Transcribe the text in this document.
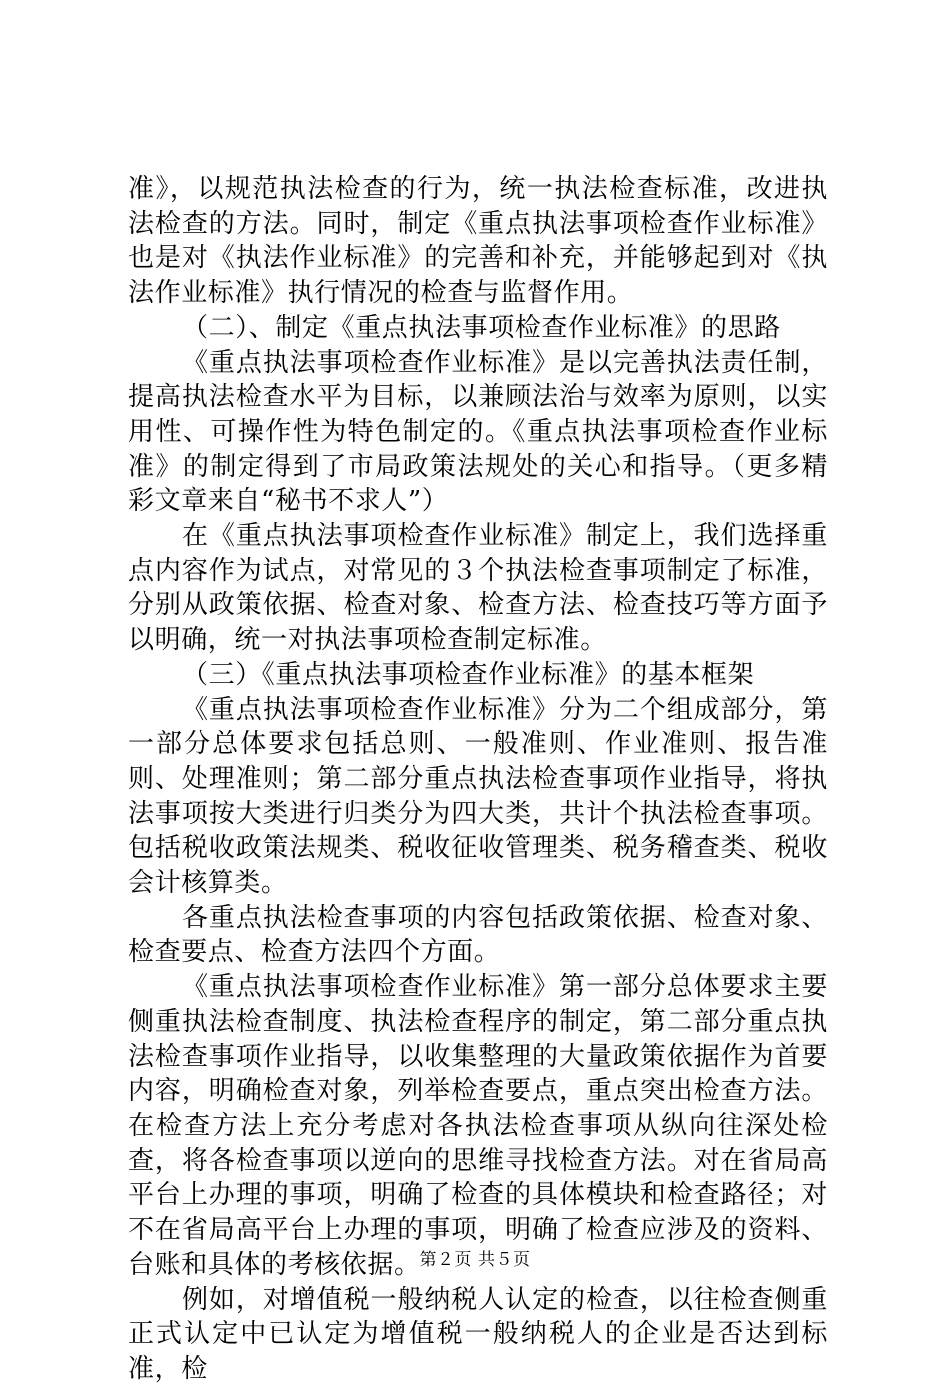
准》，以规范执法检查的行为，统一执法检查标准，改进执法检查的方法。同时，制定《重点执法事项检查作业标准》也是对《执法作业标准》的完善和补充，并能够起到对《执法作业标准》执行情况的检查与监督作用。

（二）、制定《重点执法事项检查作业标准》的思路

《重点执法事项检查作业标准》是以完善执法责任制，提高执法检查水平为目标，以兼顾法治与效率为原则，以实用性、可操作性为特色制定的。《重点执法事项检查作业标准》的制定得到了市局政策法规处的关心和指导。（更多精彩文章来自“秘书不求人”）

在《重点执法事项检查作业标准》制定上，我们选择重点内容作为试点，对常见的３个执法检查事项制定了标准，分别从政策依据、检查对象、检查方法、检查技巧等方面予以明确，统一对执法事项检查制定标准。

（三）《重点执法事项检查作业标准》的基本框架

《重点执法事项检查作业标准》分为二个组成部分，第一部分总体要求包括总则、一般准则、作业准则、报告准则、处理准则；第二部分重点执法检查事项作业指导，将执法事项按大类进行归类分为四大类，共计个执法检查事项。包括税收政策法规类、税收征收管理类、税务稽查类、税收会计核算类。

各重点执法检查事项的内容包括政策依据、检查对象、检查要点、检查方法四个方面。

《重点执法事项检查作业标准》第一部分总体要求主要侧重执法检查制度、执法检查程序的制定，第二部分重点执法检查事项作业指导，以收集整理的大量政策依据作为首要内容，明确检查对象，列举检查要点，重点突出检查方法。在检查方法上充分考虑对各执法检查事项从纵向往深处检查，将各检查事项以逆向的思维寻找检查方法。对在省局高平台上办理的事项，明确了检查的具体模块和检查路径；对不在省局高平台上办理的事项，明确了检查应涉及的资料、台账和具体的考核依据。

例如，对增值税一般纳税人认定的检查，以往检查侧重正式认定中已认定为增值税一般纳税人的企业是否达到标准，检

第２页 共５页
